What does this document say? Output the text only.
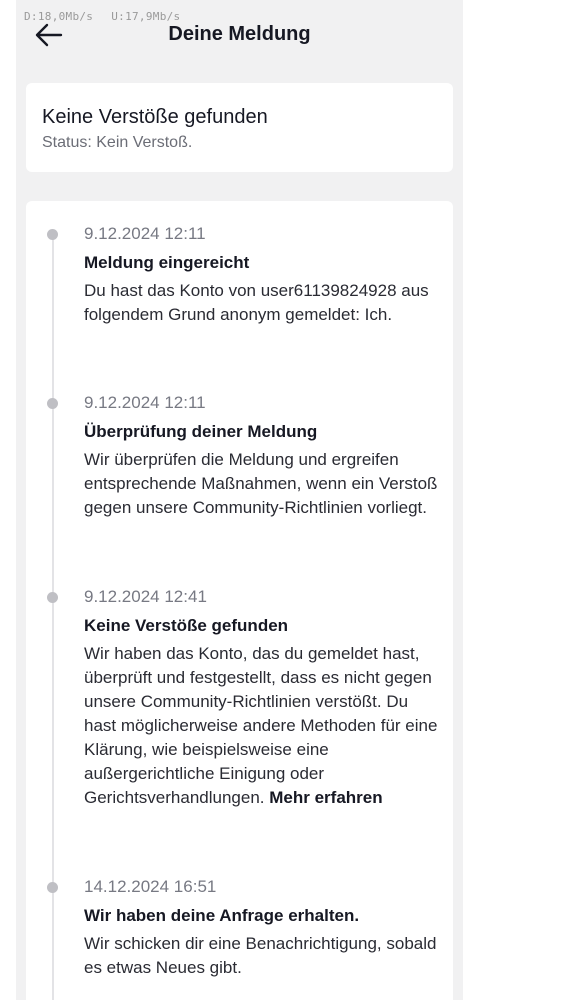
D:18,0Mb/s U:17,9Mb/s
Deine Meldung
Keine Verstöße gefunden
Status: Kein Verstoß.
9.12.2024 12:11
Meldung eingereicht
Du hast das Konto von user61139824928 aus folgendem Grund anonym gemeldet: Ich.
9.12.2024 12:11
Überprüfung deiner Meldung
Wir überprüfen die Meldung und ergreifen entsprechende Maßnahmen, wenn ein Verstoß gegen unsere Community-Richtlinien vorliegt.
9.12.2024 12:41
Keine Verstöße gefunden
Wir haben das Konto, das du gemeldet hast, überprüft und festgestellt, dass es nicht gegen unsere Community-Richtlinien verstößt. Du hast möglicherweise andere Methoden für eine Klärung, wie beispielsweise eine außergerichtliche Einigung oder Gerichtsverhandlungen. Mehr erfahren
14.12.2024 16:51
Wir haben deine Anfrage erhalten.
Wir schicken dir eine Benachrichtigung, sobald es etwas Neues gibt.
